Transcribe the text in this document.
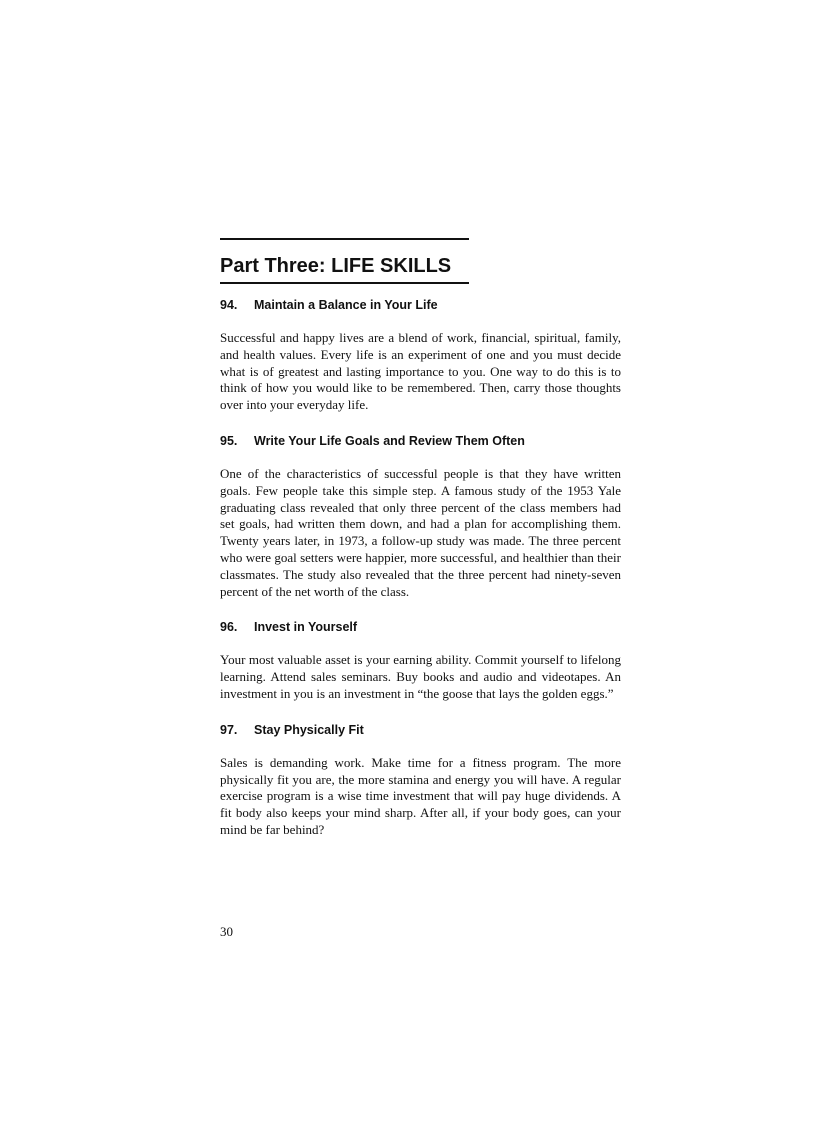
Part Three: LIFE SKILLS
94. Maintain a Balance in Your Life

Successful and happy lives are a blend of work, financial, spiritual, family, and health values. Every life is an experiment of one and you must decide what is of greatest and lasting importance to you. One way to do this is to think of how you would like to be remembered. Then, carry those thoughts over into your everyday life.

95. Write Your Life Goals and Review Them Often

One of the characteristics of successful people is that they have written goals. Few people take this simple step. A famous study of the 1953 Yale graduating class revealed that only three percent of the class members had set goals, had written them down, and had a plan for accomplishing them. Twenty years later, in 1973, a follow-up study was made. The three percent who were goal setters were happier, more successful, and healthier than their classmates. The study also revealed that the three percent had ninety-seven percent of the net worth of the class.

96. Invest in Yourself

Your most valuable asset is your earning ability. Commit yourself to lifelong learning. Attend sales seminars. Buy books and audio and videotapes. An investment in you is an investment in “the goose that lays the golden eggs.”

97. Stay Physically Fit

Sales is demanding work. Make time for a fitness program. The more physically fit you are, the more stamina and energy you will have. A regular exercise program is a wise time investment that will pay huge dividends. A fit body also keeps your mind sharp. After all, if your body goes, can your mind be far behind?

30
